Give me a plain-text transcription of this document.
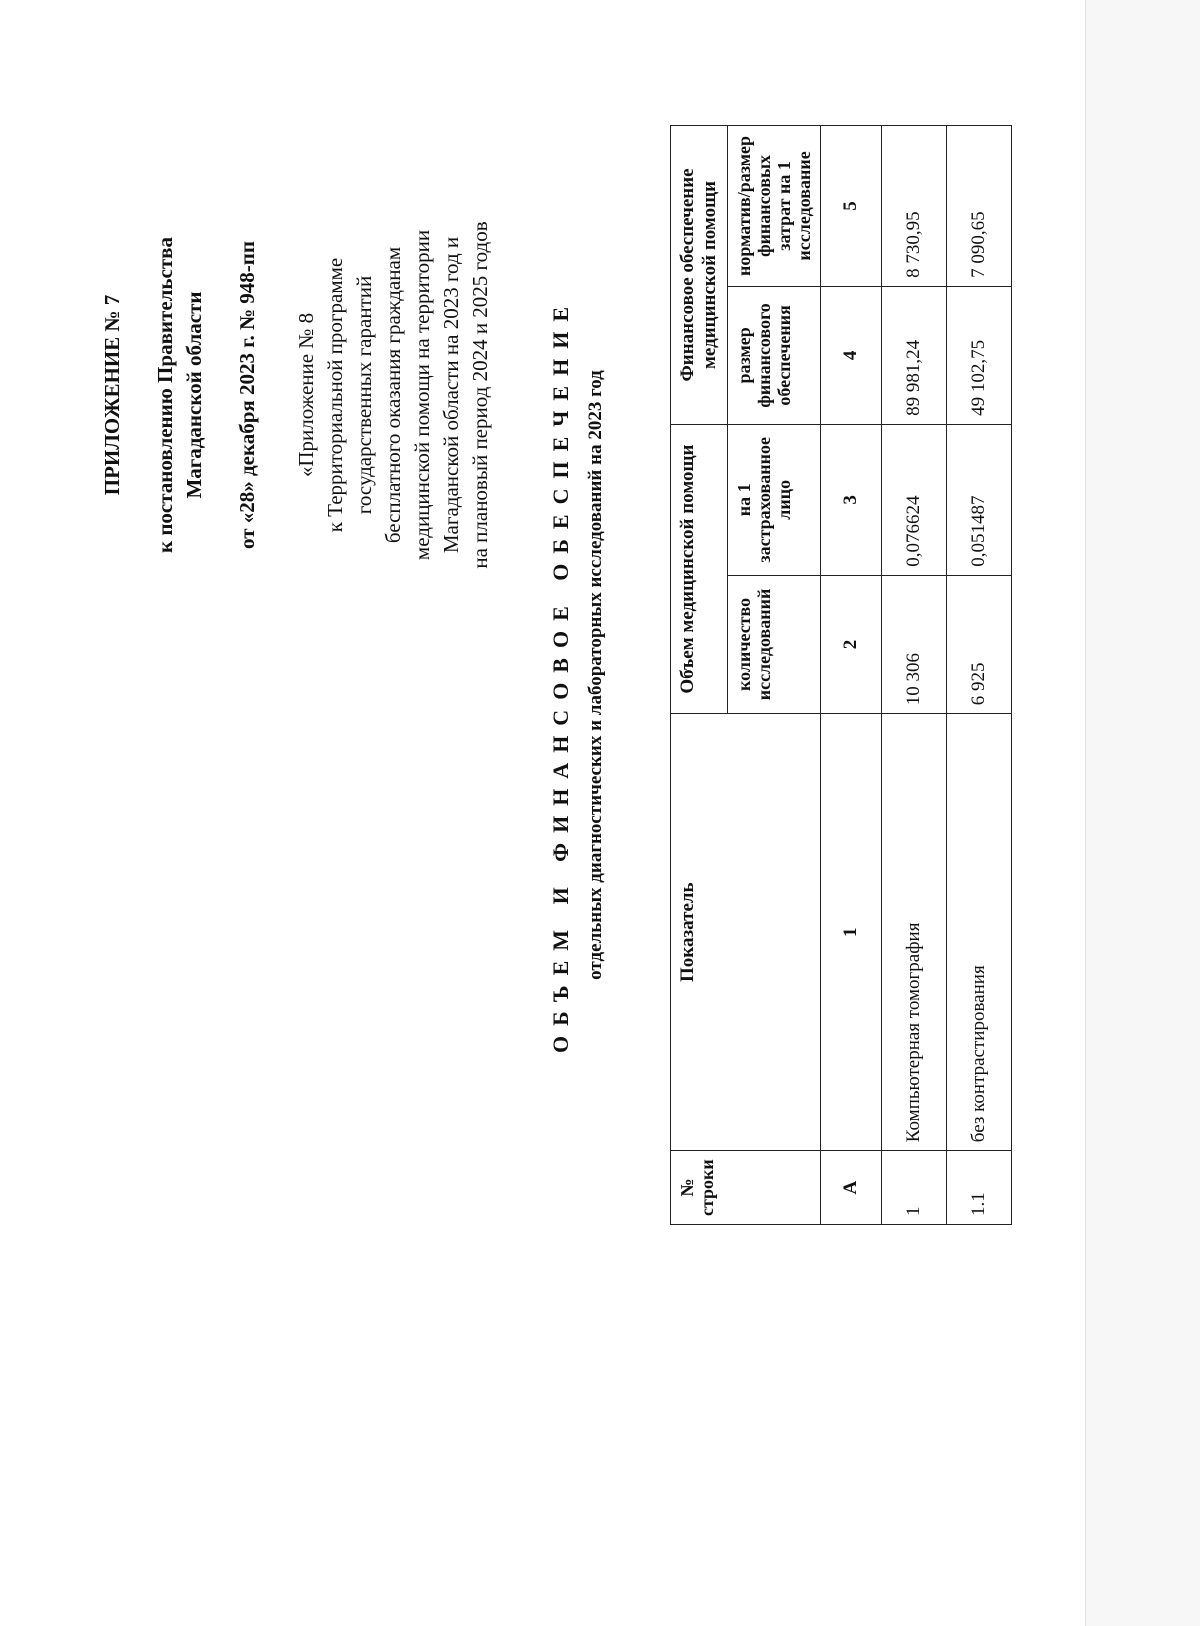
ПРИЛОЖЕНИЕ № 7 к постановлению Правительства Магаданской области от «28» декабря 2023 г. № 948-пп «Приложение № 8 к Территориальной программе государственных гарантий бесплатного оказания гражданам медицинской помощи на территории Магаданской области на 2023 год и на плановый период 2024 и 2025 годов	ОБЪЕМ И ФИНАНСОВОЕ ОБЕСПЕЧЕНИЕ отдельных диагностических и лабораторных исследований на 2023 год
№ строки	Показатель	Объем медицинской помощи		Финансовое обеспечение медицинской помощи	
		количество исследований	на 1 застрахованное лицо	размер финансового обеспечения	норматив/размер финансовых затрат на 1 исследование
А	1	2	3	4	5
1	Компьютерная томография	10 306	0,076624	89 981,24	8 730,95
1.1	без контрастирования	6 925	0,051487	49 102,75	7 090,65
